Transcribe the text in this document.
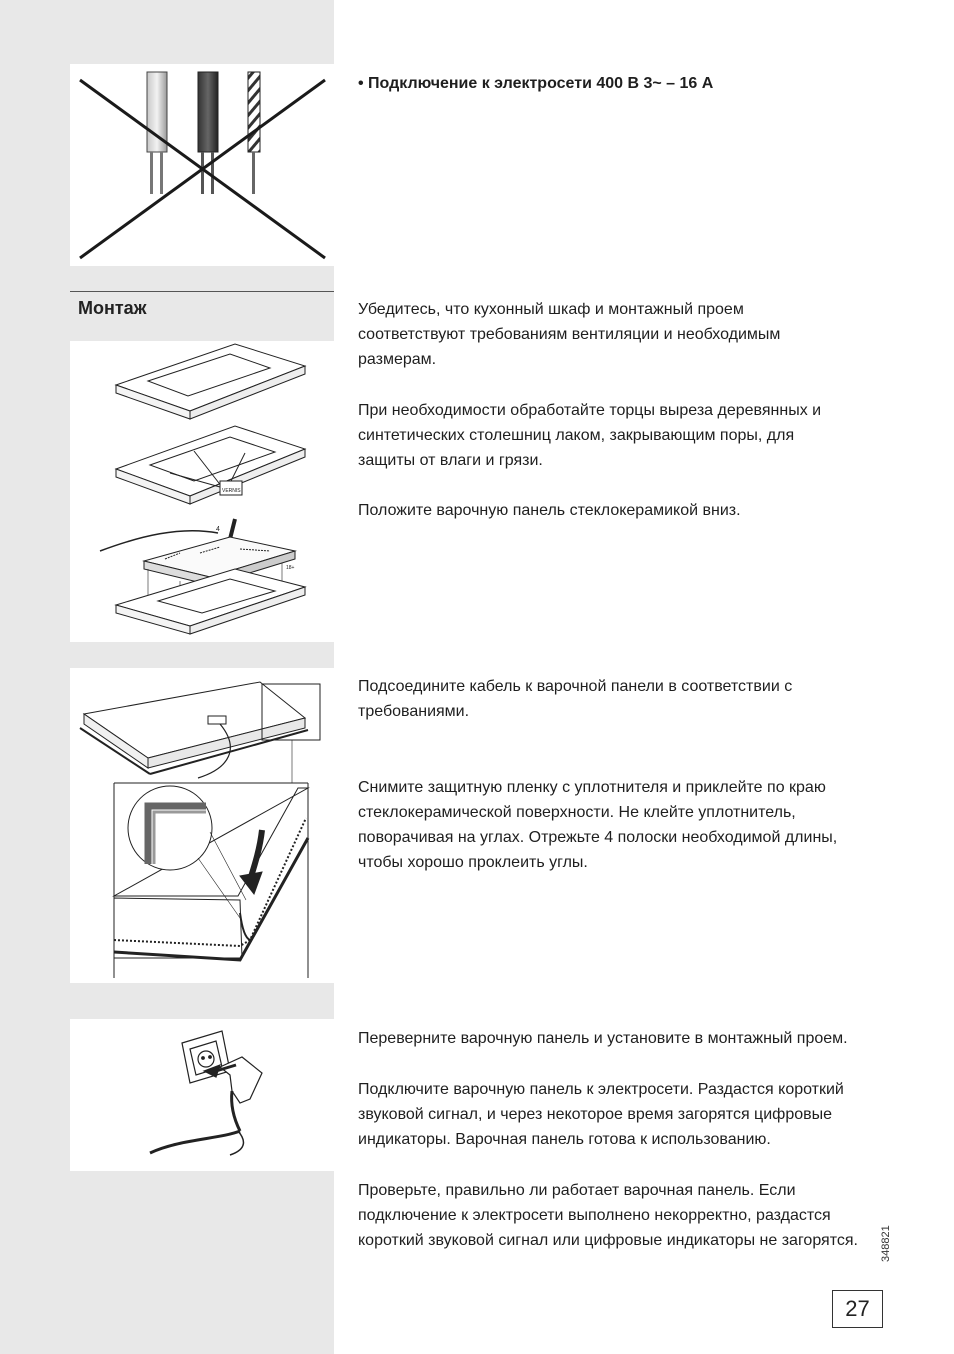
Монтаж
VERNIS
4
18+
• Подключение к электросети 400 В 3~ – 16 А
Убедитесь, что кухонный шкаф и монтажный проем соответствуют требованиям вентиляции и необходимым размерам.
При необходимости обработайте торцы выреза деревянных и синтетических столешниц лаком, закрывающим поры, для защиты от влаги и грязи.
Положите варочную панель стеклокерамикой вниз.
Подсоедините кабель к варочной панели в соответствии с требованиями.
Снимите защитную пленку с уплотнителя и приклейте по краю стеклокерамической поверхности. Не клейте уплотнитель, поворачивая на углах. Отрежьте 4 полоски необходимой длины, чтобы хорошо проклеить углы.
Переверните варочную панель и установите в монтажный проем.
Подключите варочную панель к электросети. Раздастся короткий звуковой сигнал, и через некоторое время загорятся цифровые индикаторы. Варочная панель готова к использованию.
Проверьте, правильно ли работает варочная панель. Если подключение к электросети выполнено некорректно, раздастся короткий звуковой сигнал или цифровые индикаторы не загорятся.	348821
27
